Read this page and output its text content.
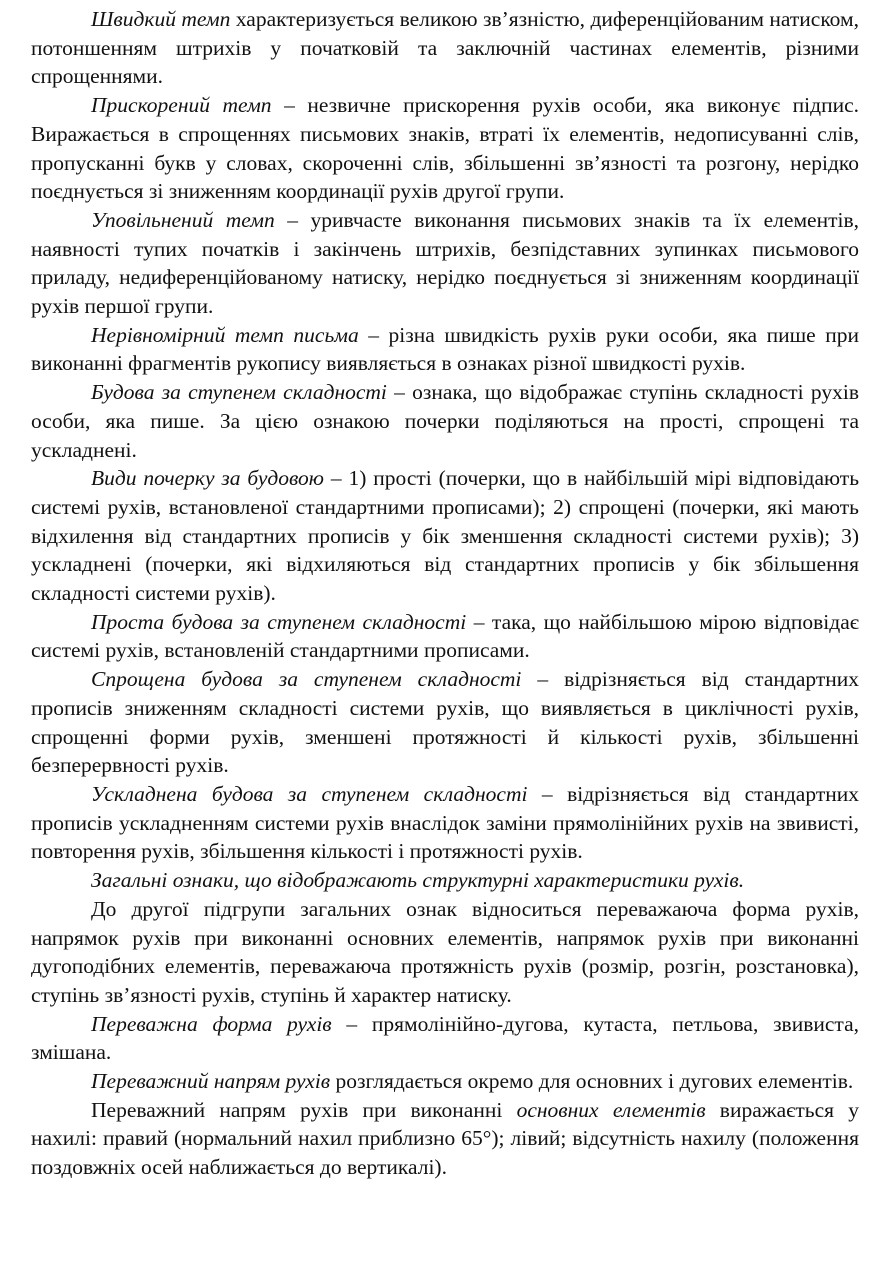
Швидкий темп характеризується великою зв’язністю, диференційованим натиском, потоншенням штрихів у початковій та заключній частинах елементів, різними спрощеннями.

Прискорений темп – незвичне прискорення рухів особи, яка виконує підпис. Виражається в спрощеннях письмових знаків, втраті їх елементів, недописуванні слів, пропусканні букв у словах, скороченні слів, збільшенні зв’язності та розгону, нерідко поєднується зі зниженням координації рухів другої групи.

Уповільнений темп – уривчасте виконання письмових знаків та їх елементів, наявності тупих початків і закінчень штрихів, безпідставних зупинках письмового приладу, недиференційованому натиску, нерідко поєднується зі зниженням координації рухів першої групи.

Нерівномірний темп письма – різна швидкість рухів руки особи, яка пише при виконанні фрагментів рукопису виявляється в ознаках різної швидкості рухів.

Будова за ступенем складності – ознака, що відображає ступінь складності рухів особи, яка пише. За цією ознакою почерки поділяються на прості, спрощені та ускладнені.

Види почерку за будовою – 1) прості (почерки, що в найбільшій мірі відповідають системі рухів, встановленої стандартними прописами); 2) спрощені (почерки, які мають відхилення від стандартних прописів у бік зменшення складності системи рухів); 3) ускладнені (почерки, які відхиляються від стандартних прописів у бік збільшення складності системи рухів).

Проста будова за ступенем складності – така, що найбільшою мірою відповідає системі рухів, встановленій стандартними прописами.

Спрощена будова за ступенем складності – відрізняється від стандартних прописів зниженням складності системи рухів, що виявляється в циклічності рухів, спрощенні форми рухів, зменшені протяжності й кількості рухів, збільшенні безперервності рухів.

Ускладнена будова за ступенем складності – відрізняється від стандартних прописів ускладненням системи рухів внаслідок заміни прямолінійних рухів на звивисті, повторення рухів, збільшення кількості і протяжності рухів.

Загальні ознаки, що відображають структурні характеристики рухів.

До другої підгрупи загальних ознак відноситься переважаюча форма рухів, напрямок рухів при виконанні основних елементів, напрямок рухів при виконанні дугоподібних елементів, переважаюча протяжність рухів (розмір, розгін, розстановка), ступінь зв’язності рухів, ступінь й характер натиску.

Переважна форма рухів – прямолінійно-дугова, кутаста, петльова, звивиста, змішана.

Переважний напрям рухів розглядається окремо для основних і дугових елементів.

Переважний напрям рухів при виконанні основних елементів виражається у нахилі: правий (нормальний нахил приблизно 65°); лівий; відсутність нахилу (положення поздовжніх осей наближається до вертикалі).
